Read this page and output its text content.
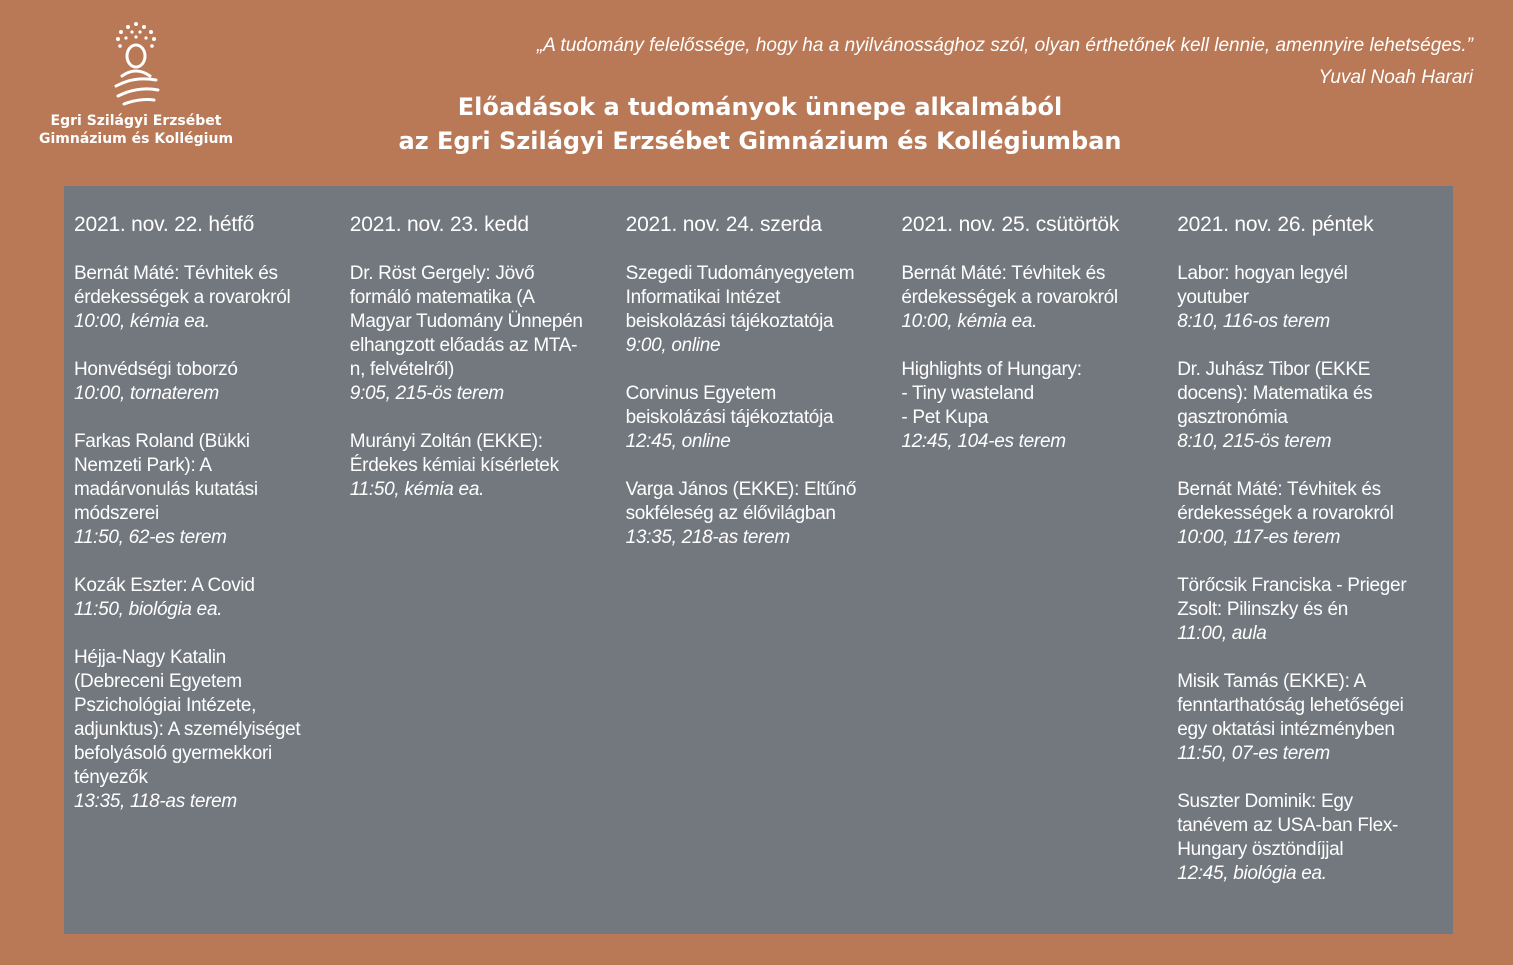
Egri Szilágyi Erzsébet
Gimnázium és Kollégium
„A tudomány felelőssége, hogy ha a nyilvánossághoz szól, olyan érthetőnek kell lennie, amennyire lehetséges.”
Yuval Noah Harari
Előadások a tudományok ünnepe alkalmából
az Egri Szilágyi Erzsébet Gimnázium és Kollégiumban
2021. nov. 22. hétfő
Bernát Máté: Tévhitek és
érdekességek a rovarokról
10:00, kémia ea.
Honvédségi toborzó
10:00, tornaterem
Farkas Roland (Bükki
Nemzeti Park): A
madárvonulás kutatási
módszerei
11:50, 62-es terem
Kozák Eszter: A Covid
11:50, biológia ea.
Héjja-Nagy Katalin
(Debreceni Egyetem
Pszichológiai Intézete,
adjunktus): A személyiséget
befolyásoló gyermekkori
tényezők
13:35, 118-as terem
2021. nov. 23. kedd
Dr. Röst Gergely: Jövő
formáló matematika (A
Magyar Tudomány Ünnepén
elhangzott előadás az MTA-
n, felvételről)
9:05, 215-ös terem
Murányi Zoltán (EKKE):
Érdekes kémiai kísérletek
11:50, kémia ea.
2021. nov. 24. szerda
Szegedi Tudományegyetem
Informatikai Intézet
beiskolázási tájékoztatója
9:00, online
Corvinus Egyetem
beiskolázási tájékoztatója
12:45, online
Varga János (EKKE): Eltűnő
sokféleség az élővilágban
13:35, 218-as terem
2021. nov. 25. csütörtök
Bernát Máté: Tévhitek és
érdekességek a rovarokról
10:00, kémia ea.
Highlights of Hungary:
- Tiny wasteland
- Pet Kupa
12:45, 104-es terem
2021. nov. 26. péntek
Labor: hogyan legyél
youtuber
8:10, 116-os terem
Dr. Juhász Tibor (EKKE
docens): Matematika és
gasztronómia
8:10, 215-ös terem
Bernát Máté: Tévhitek és
érdekességek a rovarokról
10:00, 117-es terem
Törőcsik Franciska - Prieger
Zsolt: Pilinszky és én
11:00, aula
Misik Tamás (EKKE): A
fenntarthatóság lehetőségei
egy oktatási intézményben
11:50, 07-es terem
Suszter Dominik: Egy
tanévem az USA-ban Flex-
Hungary ösztöndíjjal
12:45, biológia ea.
